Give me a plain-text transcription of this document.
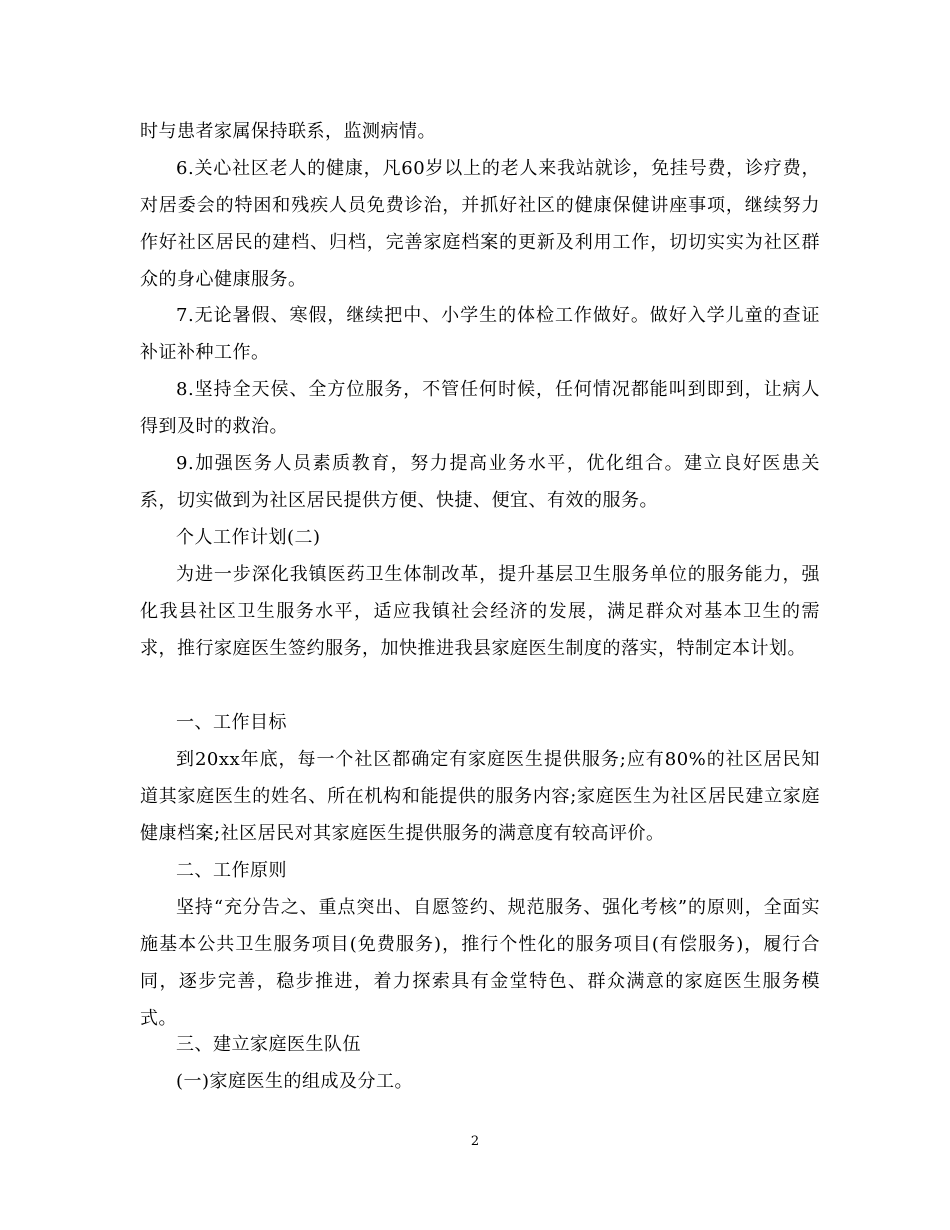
时与患者家属保持联系，监测病情。

6.关心社区老人的健康，凡60岁以上的老人来我站就诊，免挂号费，诊疗费，对居委会的特困和残疾人员免费诊治，并抓好社区的健康保健讲座事项，继续努力作好社区居民的建档、归档，完善家庭档案的更新及利用工作，切切实实为社区群众的身心健康服务。

7.无论暑假、寒假，继续把中、小学生的体检工作做好。做好入学儿童的查证补证补种工作。

8.坚持全天侯、全方位服务，不管任何时候，任何情况都能叫到即到，让病人得到及时的救治。

9.加强医务人员素质教育，努力提高业务水平，优化组合。建立良好医患关系，切实做到为社区居民提供方便、快捷、便宜、有效的服务。

个人工作计划(二)

为进一步深化我镇医药卫生体制改革，提升基层卫生服务单位的服务能力，强化我县社区卫生服务水平，适应我镇社会经济的发展，满足群众对基本卫生的需求，推行家庭医生签约服务，加快推进我县家庭医生制度的落实，特制定本计划。

一、工作目标

到20xx年底，每一个社区都确定有家庭医生提供服务;应有80%的社区居民知道其家庭医生的姓名、所在机构和能提供的服务内容;家庭医生为社区居民建立家庭健康档案;社区居民对其家庭医生提供服务的满意度有较高评价。

二、工作原则

坚持“充分告之、重点突出、自愿签约、规范服务、强化考核”的原则，全面实施基本公共卫生服务项目(免费服务)，推行个性化的服务项目(有偿服务)，履行合同，逐步完善，稳步推进，着力探索具有金堂特色、群众满意的家庭医生服务模式。

三、建立家庭医生队伍

(一)家庭医生的组成及分工。

2
